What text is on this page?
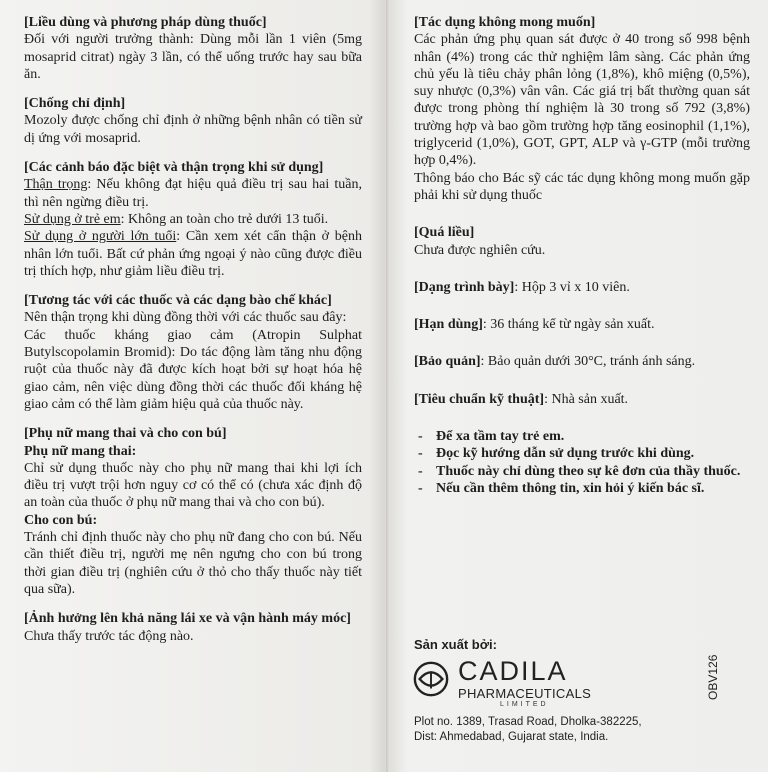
[Liều dùng và phương pháp dùng thuốc]

Đối với người trưởng thành: Dùng mỗi lần 1 viên (5mg mosaprid citrat) ngày 3 lần, có thể uống trước hay sau bữa ăn.

[Chống chỉ định]

Mozoly được chống chỉ định ở những bệnh nhân có tiền sử dị ứng với mosaprid.

[Các cảnh báo đặc biệt và thận trọng khi sử dụng]

Thận trọng: Nếu không đạt hiệu quả điều trị sau hai tuần, thì nên ngừng điều trị.

Sử dụng ở trẻ em: Không an toàn cho trẻ dưới 13 tuổi.

Sử dụng ở người lớn tuổi: Cần xem xét cẩn thận ở bệnh nhân lớn tuổi. Bất cứ phản ứng ngoại ý nào cũng được điều trị thích hợp, như giảm liều điều trị.

[Tương tác với các thuốc và các dạng bào chế khác]

Nên thận trọng khi dùng đồng thời với các thuốc sau đây:

Các thuốc kháng giao cảm (Atropin Sulphat Butylscopolamin Bromid): Do tác động làm tăng nhu động ruột của thuốc này đã được kích hoạt bởi sự hoạt hóa hệ giao cảm, nên việc dùng đồng thời các thuốc đối kháng hệ giao cảm có thể làm giảm hiệu quả của thuốc này.

[Phụ nữ mang thai và cho con bú]

Phụ nữ mang thai:

Chỉ sử dụng thuốc này cho phụ nữ mang thai khi lợi ích điều trị vượt trội hơn nguy cơ có thể có (chưa xác định độ an toàn của thuốc ở phụ nữ mang thai và cho con bú).

Cho con bú:

Tránh chỉ định thuốc này cho phụ nữ đang cho con bú. Nếu cần thiết điều trị, người mẹ nên ngưng cho con bú trong thời gian điều trị (nghiên cứu ở thỏ cho thấy thuốc này tiết qua sữa).

[Ảnh hưởng lên khả năng lái xe và vận hành máy móc]

Chưa thấy trước tác động nào.

[Tác dụng không mong muốn]

Các phản ứng phụ quan sát được ở 40 trong số 998 bệnh nhân (4%) trong các thử nghiệm lâm sàng. Các phản ứng chủ yếu là tiêu chảy phân lỏng (1,8%), khô miệng (0,5%), suy nhược (0,3%) vân vân. Các giá trị bất thường quan sát được trong phòng thí nghiệm là 30 trong số 792 (3,8%) trường hợp và bao gồm trường hợp tăng eosinophil (1,1%), triglycerid (1,0%), GOT, GPT, ALP và γ-GTP (mỗi trường hợp 0,4%).

Thông báo cho Bác sỹ các tác dụng không mong muốn gặp phải khi sử dụng thuốc

[Quá liều]

Chưa được nghiên cứu.

[Dạng trình bày]: Hộp 3 vỉ x 10 viên.

[Hạn dùng]: 36 tháng kể từ ngày sản xuất.

[Bảo quản]: Bảo quản dưới 30°C, tránh ánh sáng.

[Tiêu chuẩn kỹ thuật]: Nhà sản xuất.

- Để xa tầm tay trẻ em.
- Đọc kỹ hướng dẫn sử dụng trước khi dùng.
- Thuốc này chỉ dùng theo sự kê đơn của thầy thuốc.
- Nếu cần thêm thông tin, xin hỏi ý kiến bác sĩ.
Sản xuất bởi:
CADILA
PHARMACEUTICALS
LIMITED
Plot no. 1389, Trasad Road, Dholka-382225,
Dist: Ahmedabad, Gujarat state, India.
OBV126
